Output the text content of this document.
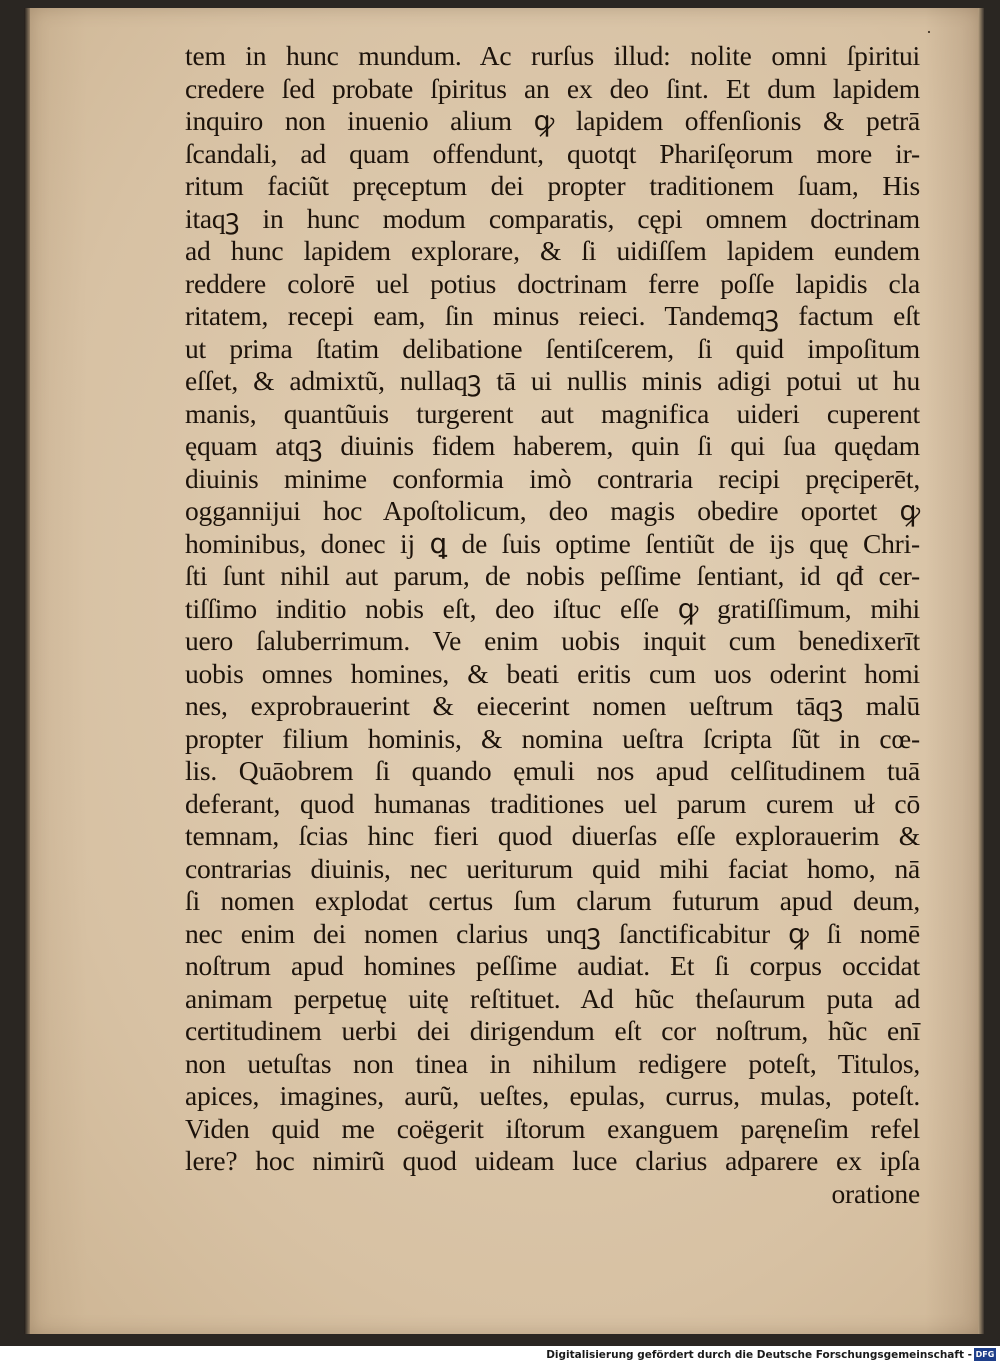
·
tem in hunc mundum. Ac rurſus illud: nolite omni ſpiritui
credere ſed probate ſpiritus an ex deo ſint. Et dum lapidem
inquiro non inuenio alium ꝙ lapidem offenſionis & petrā
ſcandali, ad quam offendunt, quotqt Phariſęorum more ir-
ritum faciũt pręceptum dei propter traditionem ſuam, His
itaqꝫ in hunc modum comparatis, cępi omnem doctrinam
ad hunc lapidem explorare, & ſi uidiſſem lapidem eundem
reddere colorē uel potius doctrinam ferre poſſe lapidis cla
ritatem, recepi eam, ſin minus reieci. Tandemqꝫ factum eſt
ut prima ſtatim delibatione ſentiſcerem, ſi quid impoſitum
eſſet, & admixtũ, nullaqꝫ tā ui nullis minis adigi potui ut hu
manis, quantũuis turgerent aut magnifica uideri cuperent
ęquam atqꝫ diuinis fidem haberem, quin ſi qui ſua quędam
diuinis minime conformia imò contraria recipi pręciperēt,
oggannijui hoc Apoſtolicum, deo magis obedire oportet ꝙ
hominibus, donec ij ꝗ de ſuis optime ſentiũt de ijs quę Chri-
ſti ſunt nihil aut parum, de nobis peſſime ſentiant, id qđ cer-
tiſſimo inditio nobis eſt, deo iſtuc eſſe ꝙ gratiſſimum, mihi
uero ſaluberrimum. Ve enim uobis inquit cum benedixerīt
uobis omnes homines, & beati eritis cum uos oderint homi
nes, exprobrauerint & eiecerint nomen ueſtrum tāqꝫ malū
propter filium hominis, & nomina ueſtra ſcripta ſũt in cœ-
lis. Quāobrem ſi quando ęmuli nos apud celſitudinem tuā
deferant, quod humanas traditiones uel parum curem uł cō
temnam, ſcias hinc fieri quod diuerſas eſſe explorauerim &
contrarias diuinis, nec ueriturum quid mihi faciat homo, nā
ſi nomen explodat certus ſum clarum futurum apud deum,
nec enim dei nomen clarius unqꝫ ſanctificabitur ꝙ ſi nomē
noſtrum apud homines peſſime audiat. Et ſi corpus occidat
animam perpetuę uitę reſtituet. Ad hũc theſaurum puta ad
certitudinem uerbi dei dirigendum eſt cor noſtrum, hũc enī
non uetuſtas non tinea in nihilum redigere poteſt, Titulos,
apices, imagines, aurũ, ueſtes, epulas, currus, mulas, poteſt.
Viden quid me coëgerit iſtorum exanguem paręneſim refel
lere? hoc nimirũ quod uideam luce clarius adparere ex ipſa
oratione
Digitalisierung gefördert durch die Deutsche Forschungsgemeinschaft - DFG
